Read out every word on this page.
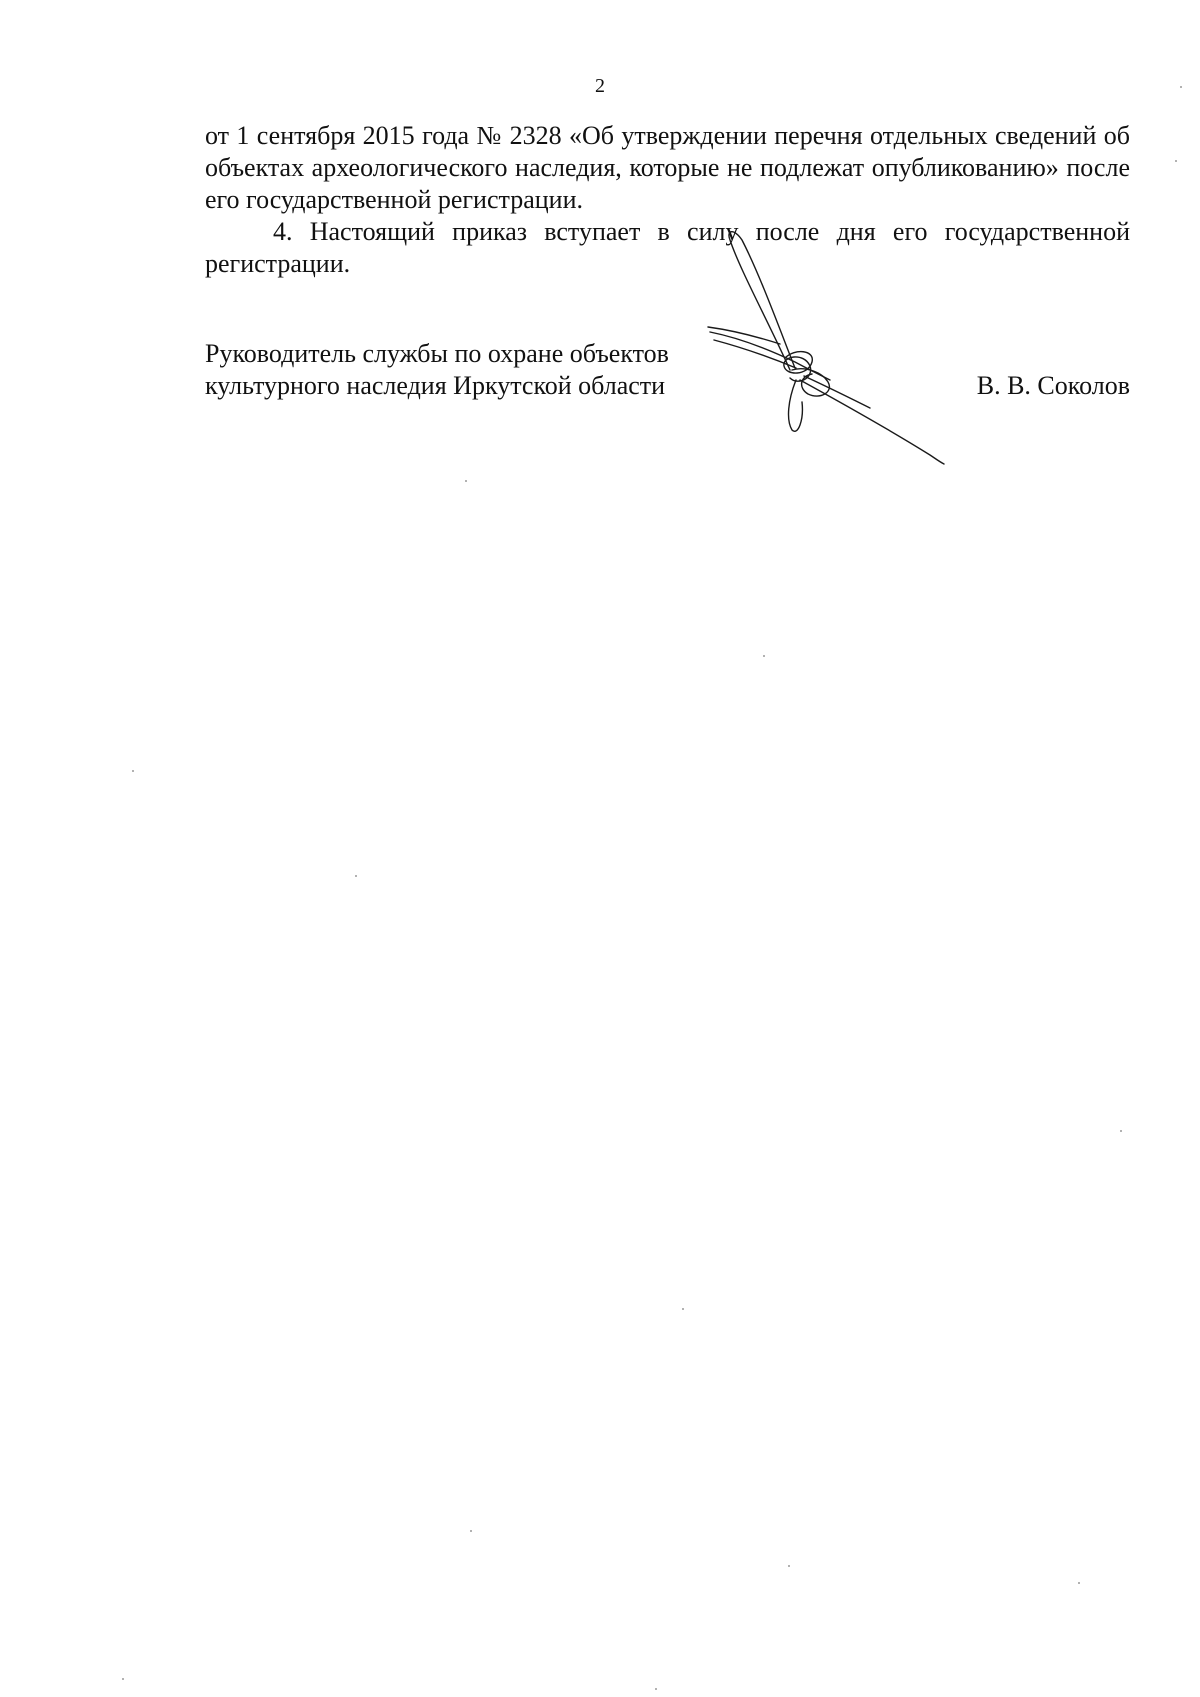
2

от 1 сентября 2015 года № 2328 «Об утверждении перечня отдельных сведений об объектах археологического наследия, которые не подлежат опубликованию» после его государственной регистрации.

4. Настоящий приказ вступает в силу после дня его государственной регистрации.

Руководитель службы по охране объектов
культурного наследия Иркутской области	В. В. Соколов
